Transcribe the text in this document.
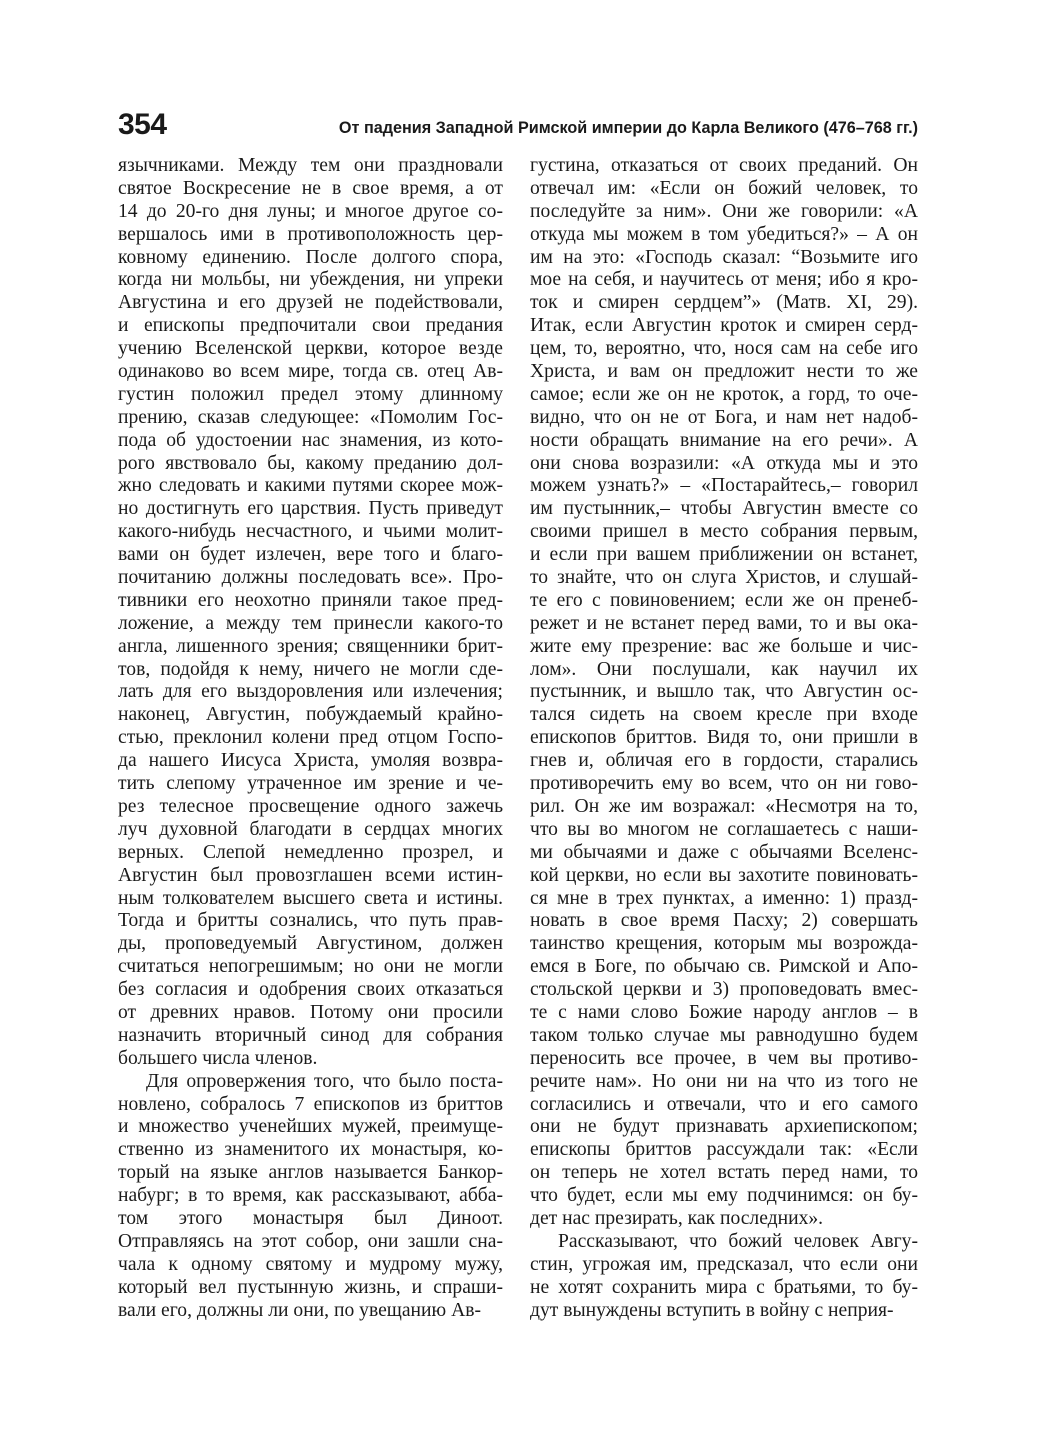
354	От падения Западной Римской империи до Карла Великого (476–768 гг.)
язычниками. Между тем они праздновали
святое Воскресение не в свое время, а от
14 до 20-го дня луны; и многое другое со-
вершалось ими в противоположность цер-
ковному единению. После долгого спора,
когда ни мольбы, ни убеждения, ни упреки
Августина и его друзей не подействовали,
и епископы предпочитали свои предания
учению Вселенской церкви, которое везде
одинаково во всем мире, тогда св. отец Ав-
густин положил предел этому длинному
прению, сказав следующее: «Помолим Гос-
пода об удостоении нас знамения, из кото-
рого явствовало бы, какому преданию дол-
жно следовать и какими путями скорее мож-
но достигнуть его царствия. Пусть приведут
какого-нибудь несчастного, и чьими молит-
вами он будет излечен, вере того и благо-
почитанию должны последовать все». Про-
тивники его неохотно приняли такое пред-
ложение, а между тем принесли какого-то
англа, лишенного зрения; священники брит-
тов, подойдя к нему, ничего не могли сде-
лать для его выздоровления или излечения;
наконец, Августин, побуждаемый крайно-
стью, преклонил колени пред отцом Госпо-
да нашего Иисуса Христа, умоляя возвра-
тить слепому утраченное им зрение и че-
рез телесное просвещение одного зажечь
луч духовной благодати в сердцах многих
верных. Слепой немедленно прозрел, и
Августин был провозглашен всеми истин-
ным толкователем высшего света и истины.
Тогда и бритты сознались, что путь прав-
ды, проповедуемый Августином, должен
считаться непогрешимым; но они не могли
без согласия и одобрения своих отказаться
от древних нравов. Потому они просили
назначить вторичный синод для собрания
большего числа членов.
Для опровержения того, что было поста-
новлено, собралось 7 епископов из бриттов
и множество ученейших мужей, преимуще-
ственно из знаменитого их монастыря, ко-
торый на языке англов называется Банкор-
набург; в то время, как рассказывают, абба-
том этого монастыря был Диноот.
Отправляясь на этот собор, они зашли сна-
чала к одному святому и мудрому мужу,
который вел пустынную жизнь, и спраши-
вали его, должны ли они, по увещанию Ав-
густина, отказаться от своих преданий. Он
отвечал им: «Если он божий человек, то
последуйте за ним». Они же говорили: «А
откуда мы можем в том убедиться?» – А он
им на это: «Господь сказал: “Возьмите иго
мое на себя, и научитесь от меня; ибо я кро-
ток и смирен сердцем”» (Матв. XI, 29).
Итак, если Августин кроток и смирен серд-
цем, то, вероятно, что, нося сам на себе иго
Христа, и вам он предложит нести то же
самое; если же он не кроток, а горд, то оче-
видно, что он не от Бога, и нам нет надоб-
ности обращать внимание на его речи». А
они снова возразили: «А откуда мы и это
можем узнать?» – «Постарайтесь,– говорил
им пустынник,– чтобы Августин вместе со
своими пришел в место собрания первым,
и если при вашем приближении он встанет,
то знайте, что он слуга Христов, и слушай-
те его с повиновением; если же он пренеб-
режет и не встанет перед вами, то и вы ока-
жите ему презрение: вас же больше и чис-
лом». Они послушали, как научил их
пустынник, и вышло так, что Августин ос-
тался сидеть на своем кресле при входе
епископов бриттов. Видя то, они пришли в
гнев и, обличая его в гордости, старались
противоречить ему во всем, что он ни гово-
рил. Он же им возражал: «Несмотря на то,
что вы во многом не соглашаетесь с наши-
ми обычаями и даже с обычаями Вселенс-
кой церкви, но если вы захотите повиновать-
ся мне в трех пунктах, а именно: 1) празд-
новать в свое время Пасху; 2) совершать
таинство крещения, которым мы возрожда-
емся в Боге, по обычаю св. Римской и Апо-
стольской церкви и 3) проповедовать вмес-
те с нами слово Божие народу англов – в
таком только случае мы равнодушно будем
переносить все прочее, в чем вы противо-
речите нам». Но они ни на что из того не
согласились и отвечали, что и его самого
они не будут признавать архиепископом;
епископы бриттов рассуждали так: «Если
он теперь не хотел встать перед нами, то
что будет, если мы ему подчинимся: он бу-
дет нас презирать, как последних».
Рассказывают, что божий человек Авгу-
стин, угрожая им, предсказал, что если они
не хотят сохранить мира с братьями, то бу-
дут вынуждены вступить в войну с неприя-
